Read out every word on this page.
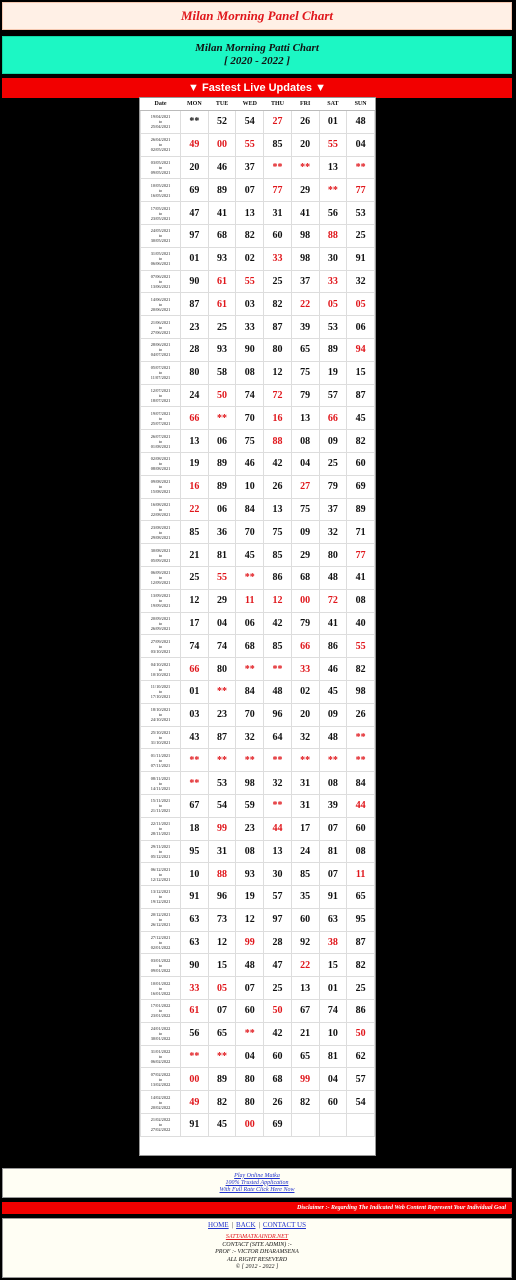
Milan Morning Panel Chart
Milan Morning Patti Chart
[ 2020 - 2022 ]
▼ Fastest Live Updates ▼
Date	MON	TUE	WED	THU	FRI	SAT	SUN

19/04/2021
to
25/04/2021	**	52	54	27	26	01	48

26/04/2021
to
02/05/2021	49	00	55	85	20	55	04

03/05/2021
to
09/05/2021	20	46	37	**	**	13	**

10/05/2021
to
16/05/2021	69	89	07	77	29	**	77

17/05/2021
to
23/05/2021	47	41	13	31	41	56	53

24/05/2021
to
30/05/2021	97	68	82	60	98	88	25

31/05/2021
to
06/06/2021	01	93	02	33	98	30	91

07/06/2021
to
13/06/2021	90	61	55	25	37	33	32

14/06/2021
to
20/06/2021	87	61	03	82	22	05	05

21/06/2021
to
27/06/2021	23	25	33	87	39	53	06

28/06/2021
to
04/07/2021	28	93	90	80	65	89	94

05/07/2021
to
11/07/2021	80	58	08	12	75	19	15

12/07/2021
to
18/07/2021	24	50	74	72	79	57	87

19/07/2021
to
25/07/2021	66	**	70	16	13	66	45

26/07/2021
to
01/08/2021	13	06	75	88	08	09	82

02/08/2021
to
08/08/2021	19	89	46	42	04	25	60

09/08/2021
to
15/08/2021	16	89	10	26	27	79	69

16/08/2021
to
22/08/2021	22	06	84	13	75	37	89

23/08/2021
to
29/08/2021	85	36	70	75	09	32	71

30/08/2021
to
05/09/2021	21	81	45	85	29	80	77

06/09/2021
to
12/09/2021	25	55	**	86	68	48	41

13/09/2021
to
19/09/2021	12	29	11	12	00	72	08

20/09/2021
to
26/09/2021	17	04	06	42	79	41	40

27/09/2021
to
03/10/2021	74	74	68	85	66	86	55

04/10/2021
to
10/10/2021	66	80	**	**	33	46	82

11/10/2021
to
17/10/2021	01	**	84	48	02	45	98

18/10/2021
to
24/10/2021	03	23	70	96	20	09	26

25/10/2021
to
31/10/2021	43	87	32	64	32	48	**

01/11/2021
to
07/11/2021	**	**	**	**	**	**	**

08/11/2021
to
14/11/2021	**	53	98	32	31	08	84

15/11/2021
to
21/11/2021	67	54	59	**	31	39	44

22/11/2021
to
28/11/2021	18	99	23	44	17	07	60

29/11/2021
to
05/12/2021	95	31	08	13	24	81	08

06/12/2021
to
12/12/2021	10	88	93	30	85	07	11

13/12/2021
to
19/12/2021	91	96	19	57	35	91	65

20/12/2021
to
26/12/2021	63	73	12	97	60	63	95

27/12/2021
to
02/01/2022	63	12	99	28	92	38	87

03/01/2022
to
09/01/2022	90	15	48	47	22	15	82

10/01/2022
to
16/01/2022	33	05	07	25	13	01	25

17/01/2022
to
23/01/2022	61	07	60	50	67	74	86

24/01/2022
to
30/01/2022	56	65	**	42	21	10	50

31/01/2022
to
06/02/2022	**	**	04	60	65	81	62

07/02/2022
to
13/02/2022	00	89	80	68	99	04	57

14/02/2022
to
20/02/2022	49	82	80	26	82	60	54

21/02/2022
to
27/02/2022	91	45	00	69			

Play Online Matka
100% Trusted Application
With Full Rate Click Here Now
Disclaimer :- Regarding The Indicated Web Content Represent Your Individual Goal
HOME | BACK | CONTACT US
SATTAMATKAINDR.NET
CONTACT (SITE ADMIN) :-
PROF :- VICTOR DHARAMSENA
ALL RIGHT RESEVERD
© [ 2012 - 2022 ]
